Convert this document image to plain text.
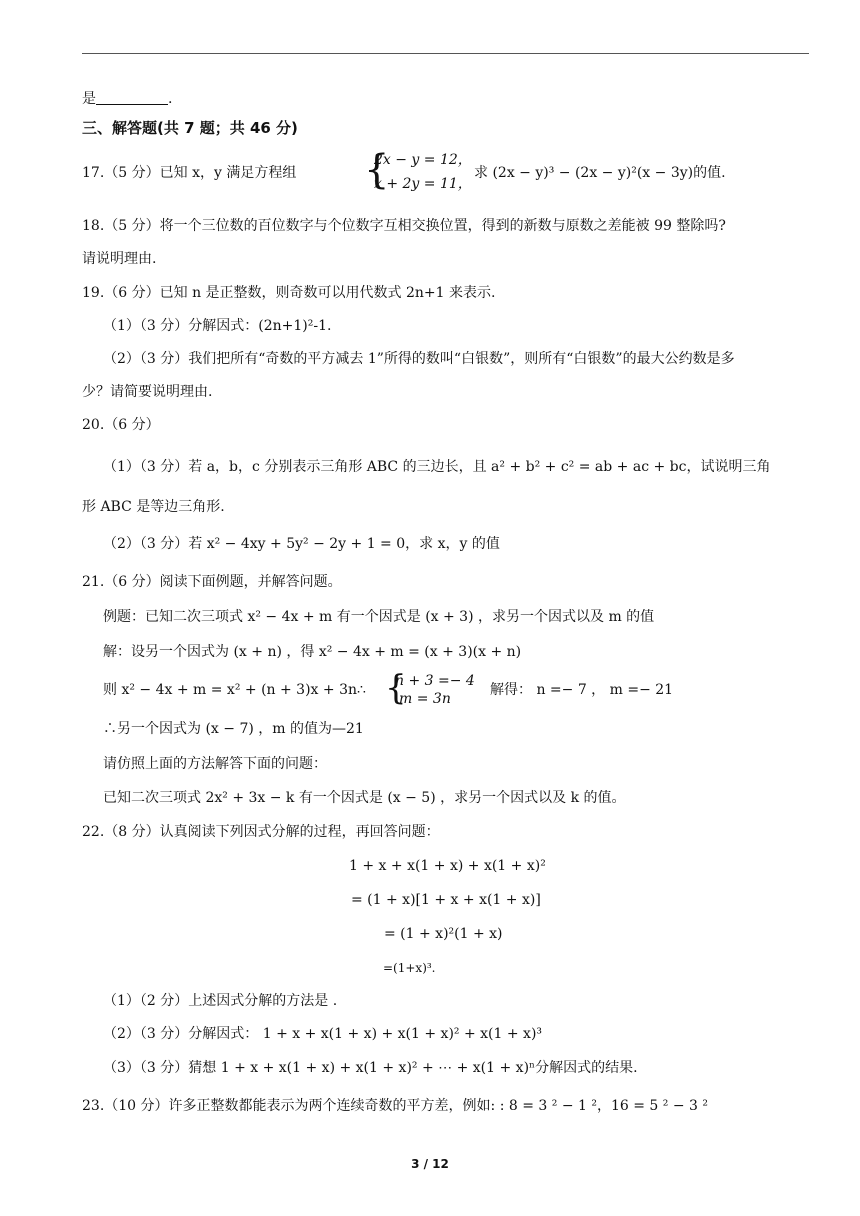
是	.
三、解答题(共 7 题；共 46 分)
17.（5 分）已知 x，y 满足方程组 {
2x − y = 12，
x + 2y = 11，
求 (2x − y)³ − (2x − y)²(x − 3y)的值.
18.（5 分）将一个三位数的百位数字与个位数字互相交换位置，得到的新数与原数之差能被 99 整除吗?
请说明理由.
19.（6 分）已知 n 是正整数，则奇数可以用代数式 2n+1 来表示.
（1）（3 分）分解因式：(2n+1)²-1.
（2）（3 分）我们把所有“奇数的平方减去 1”所得的数叫“白银数”，则所有“白银数”的最大公约数是多
少？请简要说明理由.
20.（6 分）
（1）（3 分）若 a，b，c 分别表示三角形 ABC 的三边长，且 a² + b² + c² = ab + ac + bc，试说明三角
形 ABC 是等边三角形.
（2）（3 分）若 x² − 4xy + 5y² − 2y + 1 = 0，求 x，y 的值
21.（6 分）阅读下面例题，并解答问题。
例题：已知二次三项式 x² − 4x + m 有一个因式是 (x + 3) ，求另一个因式以及 m 的值
解：设另一个因式为 (x + n) ，得 x² − 4x + m = (x + 3)(x + n)
则 x² − 4x + m = x² + (n + 3)x + 3n∴ {
n + 3 =− 4
m = 3n
解得： n =− 7 ， m =− 21
∴另一个因式为 (x − 7) ，m 的值为—21
请仿照上面的方法解答下面的问题：
已知二次三项式 2x² + 3x − k 有一个因式是 (x − 5) ，求另一个因式以及 k 的值。
22.（8 分）认真阅读下列因式分解的过程，再回答问题：
1 + x + x(1 + x) + x(1 + x)²
= (1 + x)[1 + x + x(1 + x)]
= (1 + x)²(1 + x)
=(1+x)³.
（1）（2 分）上述因式分解的方法是 .
（2）（3 分）分解因式： 1 + x + x(1 + x) + x(1 + x)² + x(1 + x)³
（3）（3 分）猜想 1 + x + x(1 + x) + x(1 + x)² + ⋯ + x(1 + x)ⁿ分解因式的结果.
23.（10 分）许多正整数都能表示为两个连续奇数的平方差，例如: : 8 = 3 ² − 1 ²，16 = 5 ² − 3 ²
3 / 12
